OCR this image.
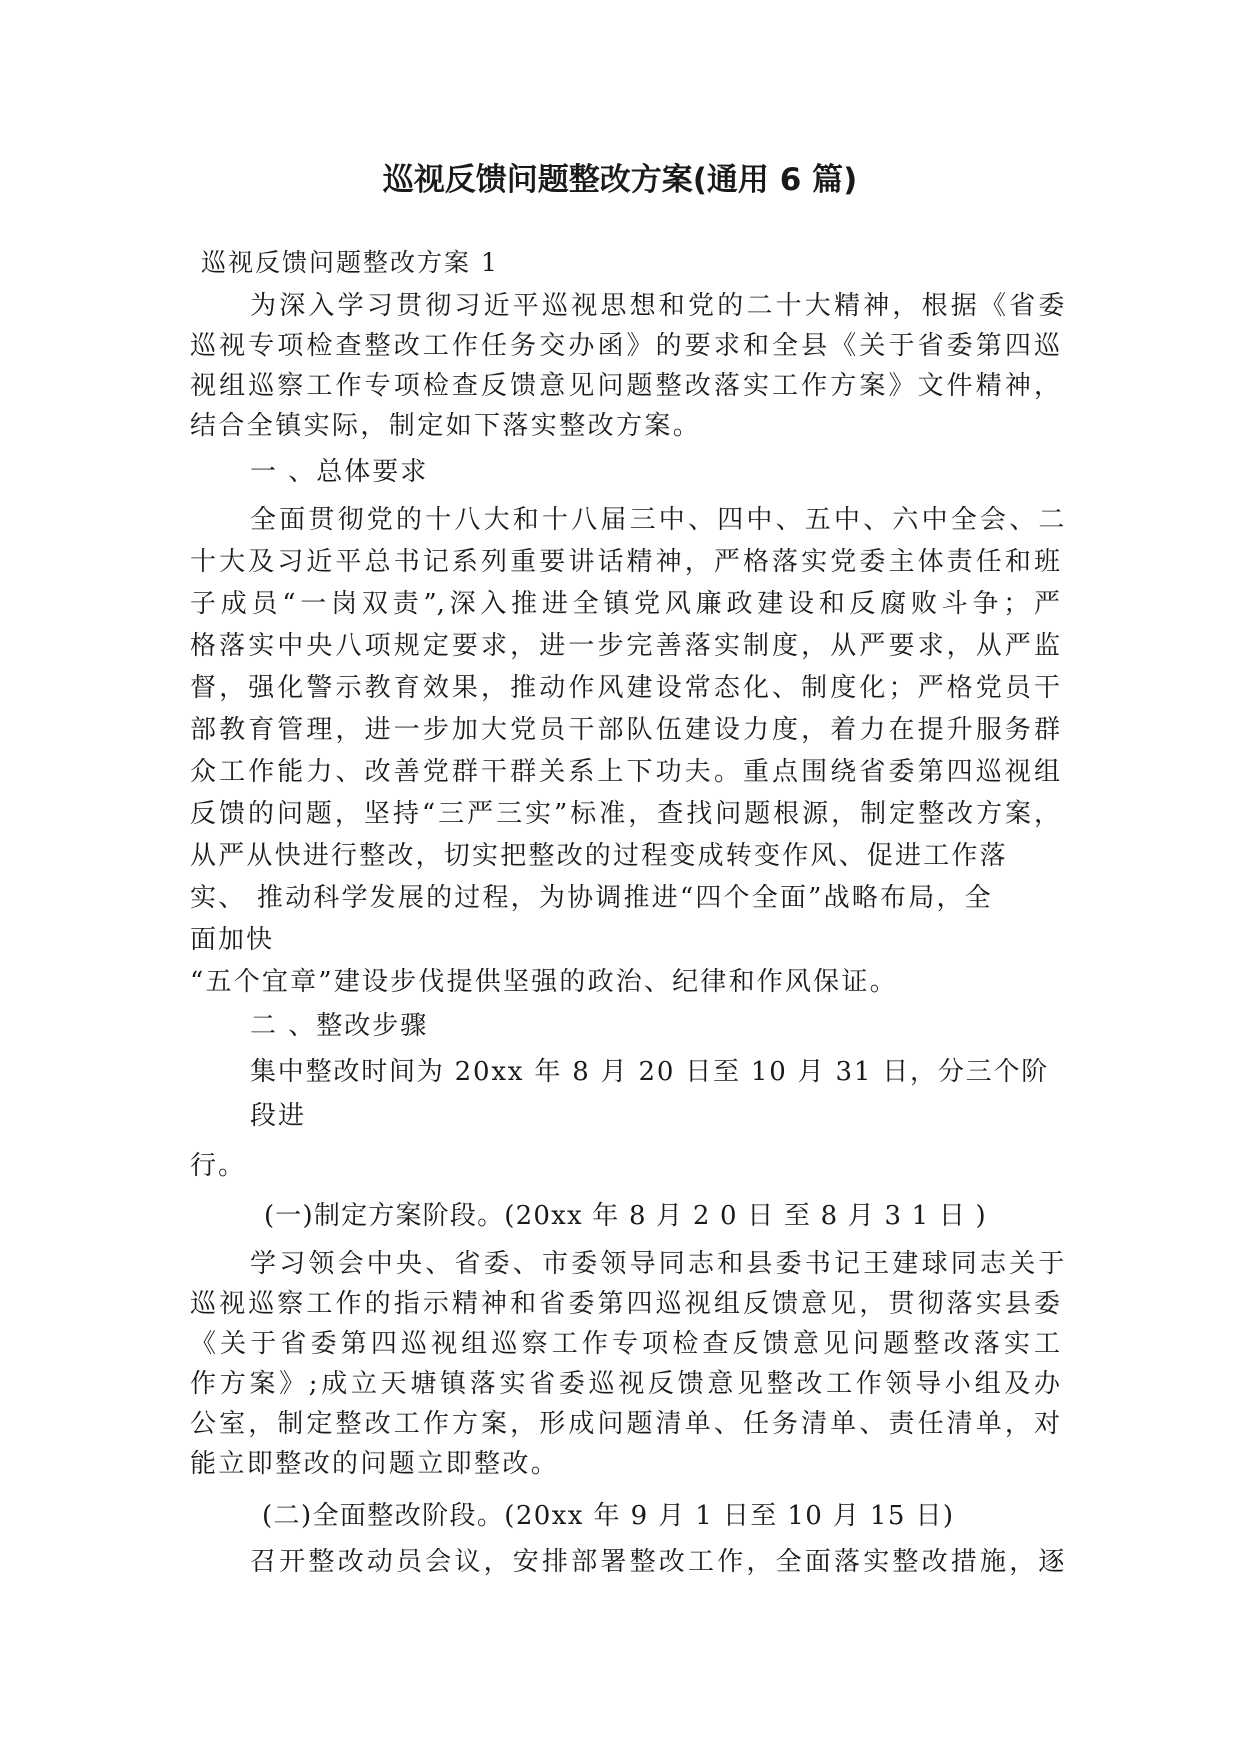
巡视反馈问题整改方案(通用 6 篇)
巡视反馈问题整改方案 1
为深入学习贯彻习近平巡视思想和党的二十大精神，根据《省委
巡视专项检查整改工作任务交办函》的要求和全县《关于省委第四巡
视组巡察工作专项检查反馈意见问题整改落实工作方案》文件精神，
结合全镇实际，制定如下落实整改方案。
一 、总体要求
全面贯彻党的十八大和十八届三中、四中、五中、六中全会、二
十大及习近平总书记系列重要讲话精神，严格落实党委主体责任和班
子成员“一岗双责”,深入推进全镇党风廉政建设和反腐败斗争；严
格落实中央八项规定要求，进一步完善落实制度，从严要求，从严监
督，强化警示教育效果，推动作风建设常态化、制度化；严格党员干
部教育管理，进一步加大党员干部队伍建设力度，着力在提升服务群
众工作能力、改善党群干群关系上下功夫。重点围绕省委第四巡视组
反馈的问题，坚持“三严三实”标准，查找问题根源，制定整改方案，
从严从快进行整改，切实把整改的过程变成转变作风、促进工作落
实、 推动科学发展的过程，为协调推进“四个全面”战略布局，全
面加快
“五个宜章”建设步伐提供坚强的政治、纪律和作风保证。
二 、整改步骤
集中整改时间为 20xx 年 8 月 20 日至 10 月 31 日，分三个阶
段进
行。
(一)制定方案阶段。(20xx 年 8 月 2 0 日 至 8 月 3 1 日 )
学习领会中央、省委、市委领导同志和县委书记王建球同志关于
巡视巡察工作的指示精神和省委第四巡视组反馈意见，贯彻落实县委
《关于省委第四巡视组巡察工作专项检查反馈意见问题整改落实工
作方案》;成立天塘镇落实省委巡视反馈意见整改工作领导小组及办
公室，制定整改工作方案，形成问题清单、任务清单、责任清单，对
能立即整改的问题立即整改。
(二)全面整改阶段。(20xx 年 9 月 1 日至 10 月 15 日)
召开整改动员会议，安排部署整改工作，全面落实整改措施，逐
